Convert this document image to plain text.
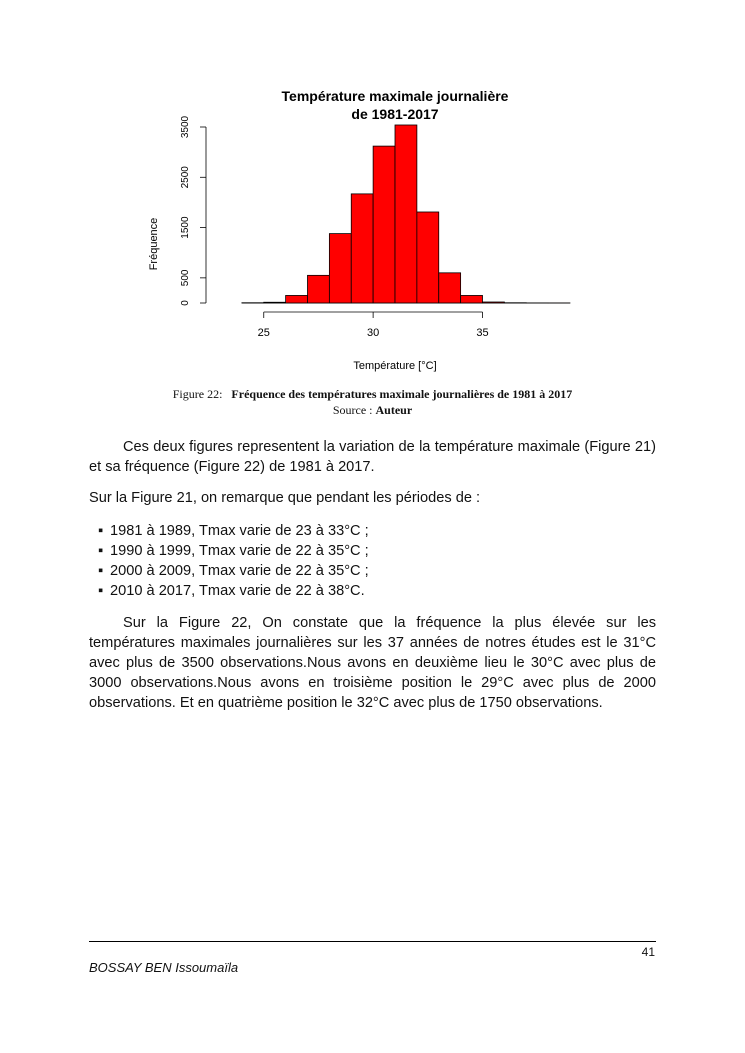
Température maximale journalière
de 1981-2017
0
500
1500
2500
3500
25	30	35
Fréquence
Température [°C]
Figure 22: Fréquence des températures maximale journalières de 1981 à 2017
Source : Auteur

Ces deux figures representent la variation de la température maximale (Figure 21) et sa fréquence (Figure 22) de 1981 à 2017.

Sur la Figure 21, on remarque que pendant les périodes de :

▪ 1981 à 1989, Tmax varie de 23 à 33°C ;
▪ 1990 à 1999, Tmax varie de 22 à 35°C ;
▪ 2000 à 2009, Tmax varie de 22 à 35°C ;
▪ 2010 à 2017, Tmax varie de 22 à 38°C.

Sur la Figure 22, On constate que la fréquence la plus élevée sur les températures maximales journalières sur les 37 années de notres études est le 31°C avec plus de 3500 observations.Nous avons en deuxième lieu le 30°C avec plus de 3000 observations.Nous avons en troisième position le 29°C avec plus de 2000 observations. Et en quatrième position le 32°C avec plus de 1750 observations.

41
BOSSAY BEN Issoumaïla
